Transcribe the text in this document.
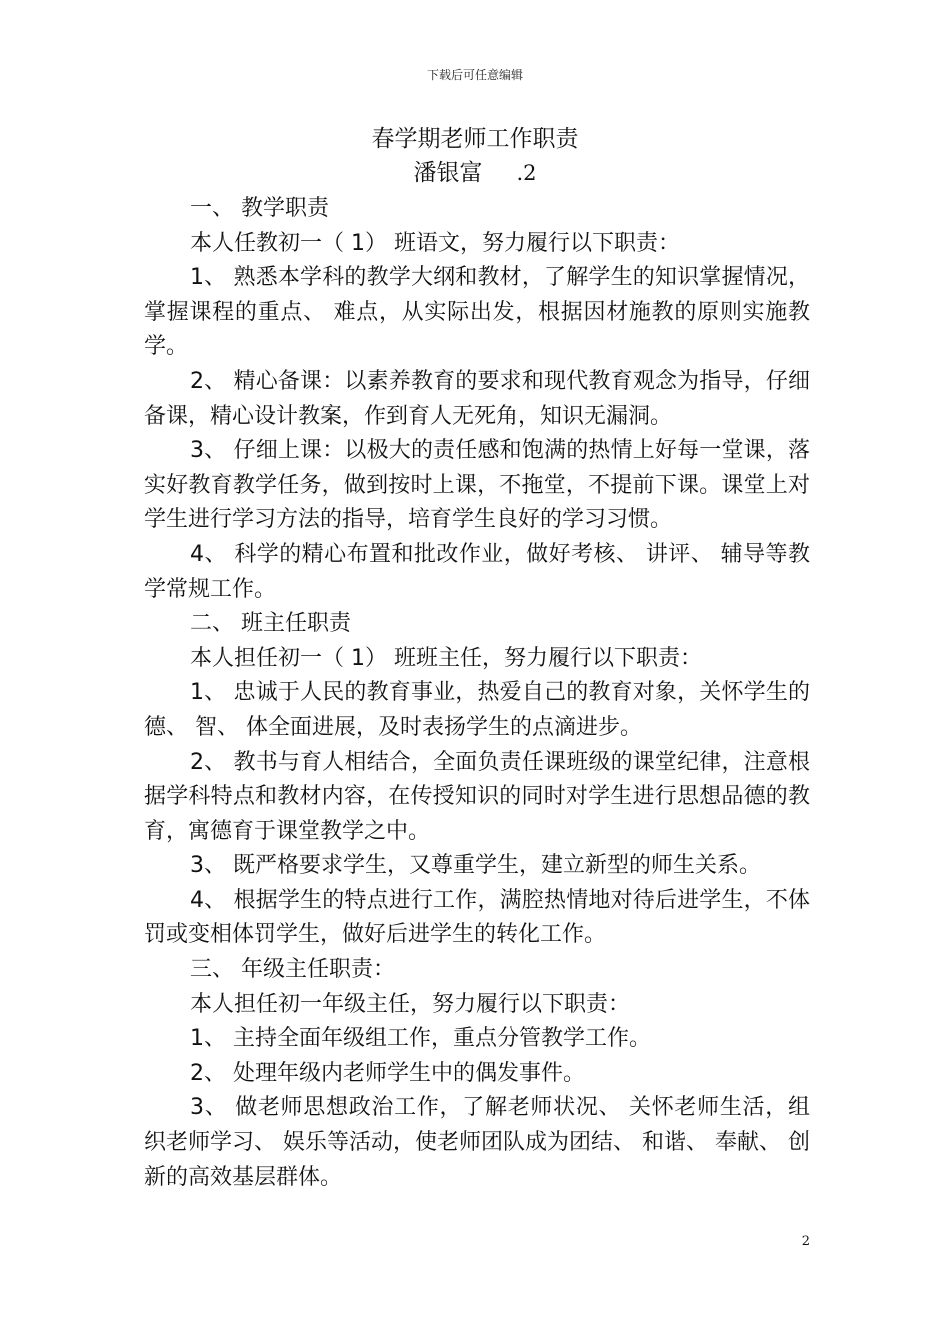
下载后可任意编辑
春学期老师工作职责
潘银富 .2

一、 教学职责

本人任教初一（ 1） 班语文，努力履行以下职责：

1、 熟悉本学科的教学大纲和教材，了解学生的知识掌握情况，掌握课程的重点、 难点，从实际出发，根据因材施教的原则实施教学。

2、 精心备课：以素养教育的要求和现代教育观念为指导，仔细备课，精心设计教案，作到育人无死角，知识无漏洞。

3、 仔细上课：以极大的责任感和饱满的热情上好每一堂课，落实好教育教学任务，做到按时上课，不拖堂，不提前下课。课堂上对学生进行学习方法的指导，培育学生良好的学习习惯。

4、 科学的精心布置和批改作业，做好考核、 讲评、 辅导等教学常规工作。

二、 班主任职责

本人担任初一（ 1） 班班主任，努力履行以下职责：

1、 忠诚于人民的教育事业，热爱自己的教育对象，关怀学生的德、 智、 体全面进展，及时表扬学生的点滴进步。

2、 教书与育人相结合，全面负责任课班级的课堂纪律，注意根据学科特点和教材内容，在传授知识的同时对学生进行思想品德的教育，寓德育于课堂教学之中。

3、 既严格要求学生，又尊重学生，建立新型的师生关系。

4、 根据学生的特点进行工作，满腔热情地对待后进学生，不体罚或变相体罚学生，做好后进学生的转化工作。

三、 年级主任职责：

本人担任初一年级主任，努力履行以下职责：

1、 主持全面年级组工作，重点分管教学工作。

2、 处理年级内老师学生中的偶发事件。

3、 做老师思想政治工作，了解老师状况、 关怀老师生活，组织老师学习、 娱乐等活动，使老师团队成为团结、 和谐、 奉献、 创新的高效基层群体。

2
